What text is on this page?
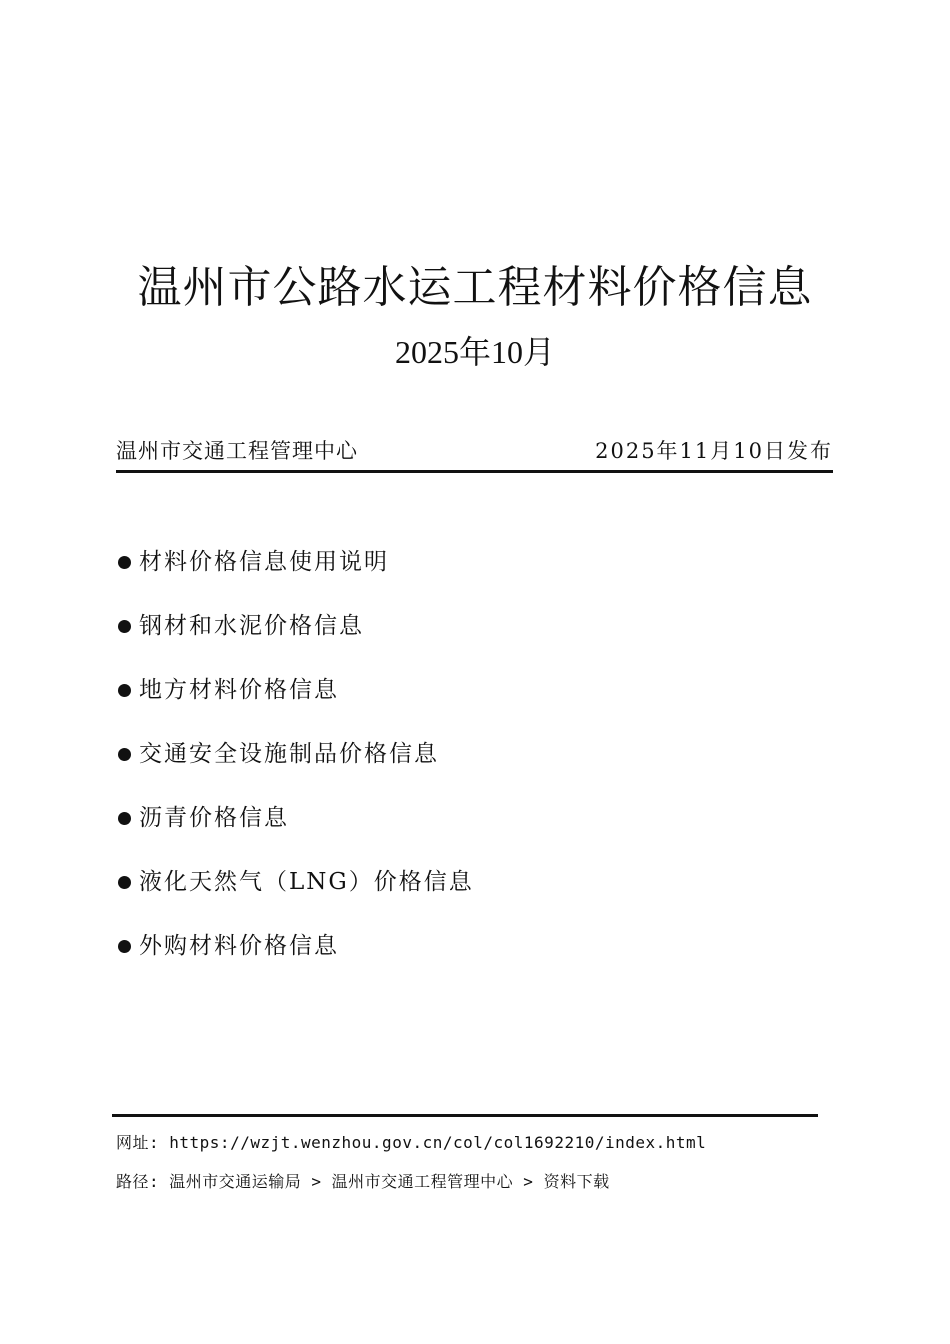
温州市公路水运工程材料价格信息
2025年10月
温州市交通工程管理中心	2025年11月10日发布
材料价格信息使用说明
钢材和水泥价格信息
地方材料价格信息
交通安全设施制品价格信息
沥青价格信息
液化天然气（LNG）价格信息
外购材料价格信息
网址: https://wzjt.wenzhou.gov.cn/col/col1692210/index.html
路径: 温州市交通运输局 > 温州市交通工程管理中心 > 资料下载
